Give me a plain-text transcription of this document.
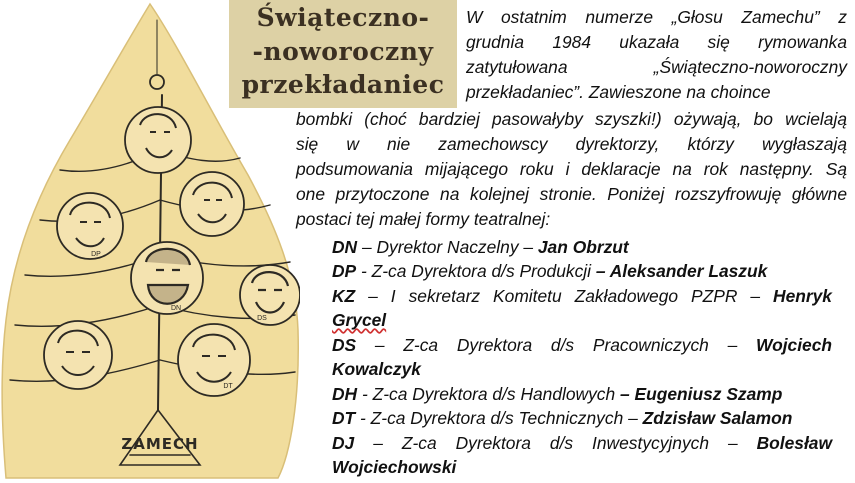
ZAMECH
DP
DN
DS
DT
Świąteczno-
-noworoczny
przekładaniec
W ostatnim numerze „Głosu Zamechu” z
grudnia 1984 ukazała się rymowanka
zatytułowana „Świąteczno-noworoczny
przekładaniec”. Zawieszone na choince
bombki (choć bardziej pasowałyby szyszki!) ożywają, bo wcielają
się w nie zamechowscy dyrektorzy, którzy wygłaszają
podsumowania mijającego roku i deklaracje na rok następny. Są
one przytoczone na kolejnej stronie. Poniżej rozszyfrowuję główne
postaci tej małej formy teatralnej:
DN – Dyrektor Naczelny – Jan Obrzut
DP - Z-ca Dyrektora d/s Produkcji – Aleksander Laszuk
KZ – I sekretarz Komitetu Zakładowego PZPR – Henryk
Grycel
DS – Z-ca Dyrektora d/s Pracowniczych – Wojciech
Kowalczyk
DH - Z-ca Dyrektora d/s Handlowych – Eugeniusz Szamp
DT - Z-ca Dyrektora d/s Technicznych – Zdzisław Salamon
DJ – Z-ca Dyrektora d/s Inwestycyjnych – Bolesław
Wojciechowski
